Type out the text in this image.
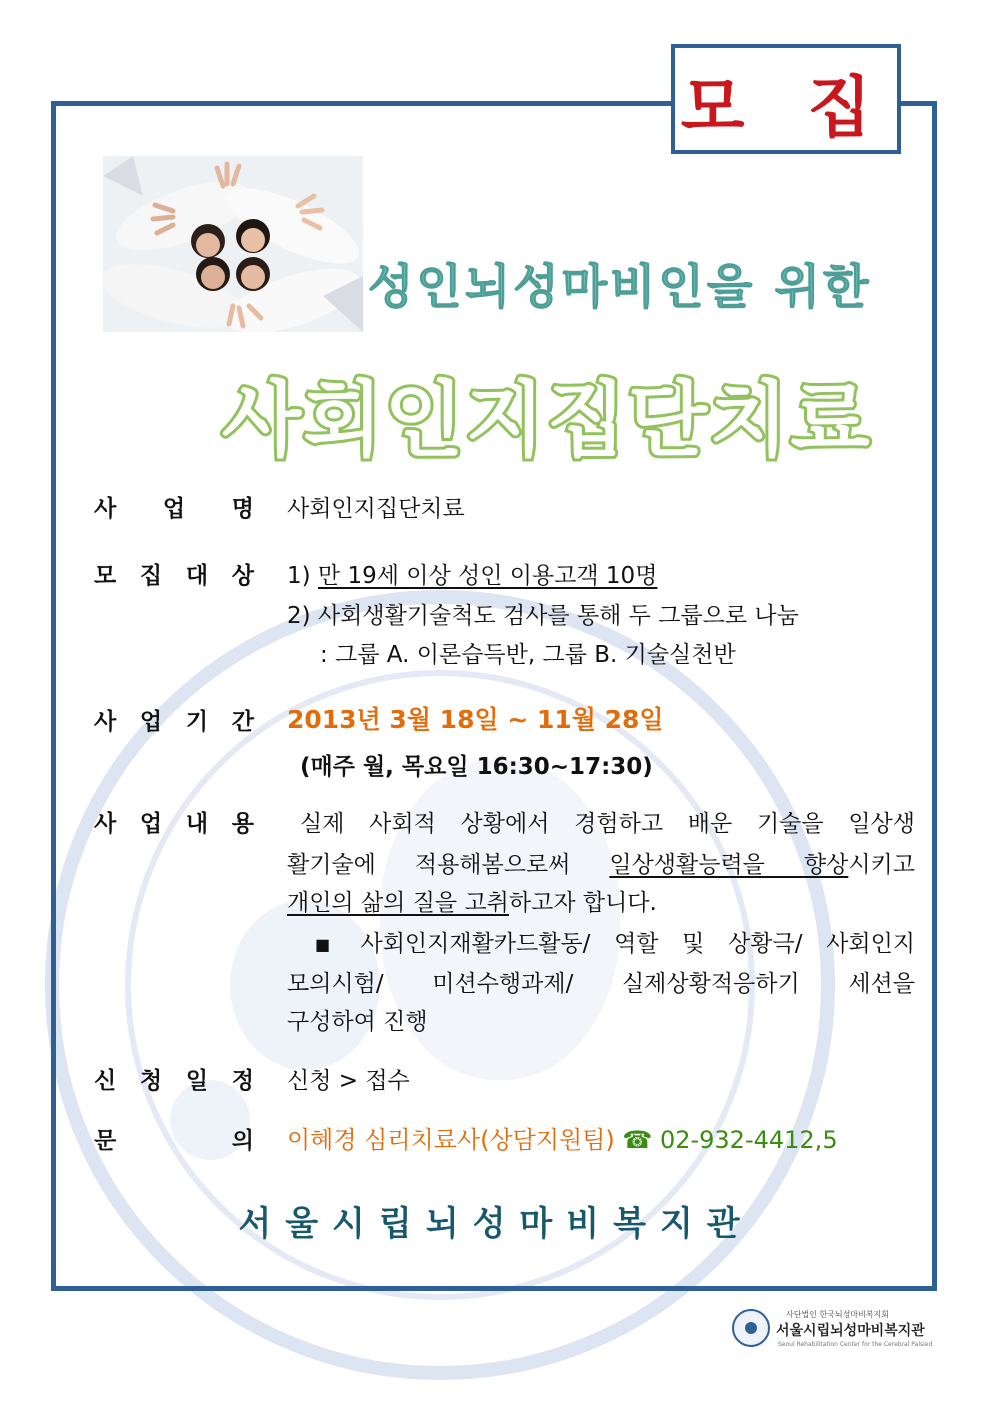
모 집
성인뇌성마비인을 위한
사회인지집단치료
사 업 명 사회인지집단치료
모 집 대 상 1) 만 19세 이상 성인 이용고객 10명
2) 사회생활기술척도 검사를 통해 두 그룹으로 나눔
: 그룹 A. 이론습득반, 그룹 B. 기술실천반
사 업 기 간 2013년 3월 18일 ~ 11월 28일
(매주 월, 목요일 16:30~17:30)
사 업 내 용 실제 사회적 상황에서 경험하고 배운 기술을 일상생
활기술에 적용해봄으로써 일상생활능력을 향상시키고
개인의 삶의 질을 고취하고자 합니다.
■ 사회인지재활카드활동/ 역할 및 상황극/ 사회인지
모의시험/ 미션수행과제/ 실제상황적응하기 세션을
구성하여 진행
신 청 일 정 신청 > 접수
문	의 이혜경 심리치료사(상담지원팀) ☎ 02-932-4412,5
서울시립뇌성마비복지관
사단법인 한국뇌성마비복지회
서울시립뇌성마비복지관
Seoul Rehabilitation Center for the Cerebral Palsied
